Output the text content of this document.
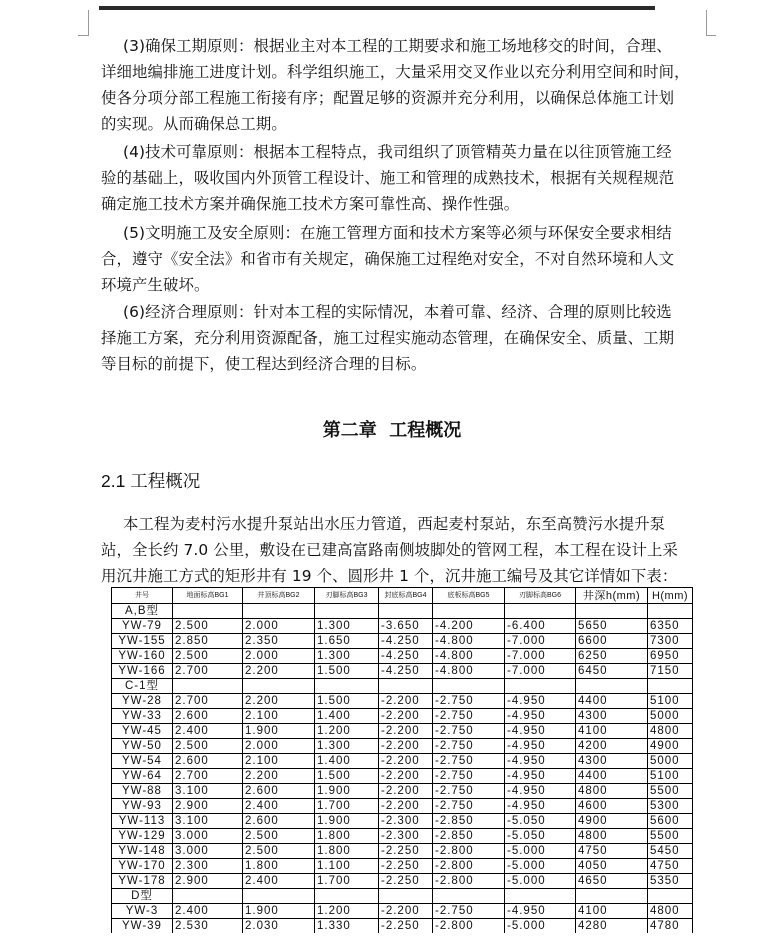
(3)确保工期原则：根据业主对本工程的工期要求和施工场地移交的时间，合理、
详细地编排施工进度计划。科学组织施工，大量采用交叉作业以充分利用空间和时间，
使各分项分部工程施工衔接有序；配置足够的资源并充分利用，以确保总体施工计划
的实现。从而确保总工期。
(4)技术可靠原则：根据本工程特点，我司组织了顶管精英力量在以往顶管施工经
验的基础上，吸收国内外顶管工程设计、施工和管理的成熟技术，根据有关规程规范
确定施工技术方案并确保施工技术方案可靠性高、操作性强。
(5)文明施工及安全原则：在施工管理方面和技术方案等必须与环保安全要求相结
合，遵守《安全法》和省市有关规定，确保施工过程绝对安全，不对自然环境和人文
环境产生破坏。
(6)经济合理原则：针对本工程的实际情况，本着可靠、经济、合理的原则比较选
择施工方案，充分利用资源配备，施工过程实施动态管理，在确保安全、质量、工期
等目标的前提下，使工程达到经济合理的目标。
第二章  工程概况
2.1 工程概况
本工程为麦村污水提升泵站出水压力管道，西起麦村泵站，东至高赞污水提升泵
站，全长约 7.0 公里，敷设在已建高富路南侧坡脚处的管网工程，本工程在设计上采
用沉井施工方式的矩形井有 19 个、圆形井 1 个，沉井施工编号及其它详情如下表：
井号	地面标高BG1	井顶标高BG2	刃脚标高BG3	封底标高BG4	底板标高BG5	刃脚标高BG6	井深h(mm)	H(mm)
A,B型								
YW-79	2.500	2.000	1.300	-3.650	-4.200	-6.400	5650	6350
YW-155	2.850	2.350	1.650	-4.250	-4.800	-7.000	6600	7300
YW-160	2.500	2.000	1.300	-4.250	-4.800	-7.000	6250	6950
YW-166	2.700	2.200	1.500	-4.250	-4.800	-7.000	6450	7150
C-1型								
YW-28	2.700	2.200	1.500	-2.200	-2.750	-4.950	4400	5100
YW-33	2.600	2.100	1.400	-2.200	-2.750	-4.950	4300	5000
YW-45	2.400	1.900	1.200	-2.200	-2.750	-4.950	4100	4800
YW-50	2.500	2.000	1.300	-2.200	-2.750	-4.950	4200	4900
YW-54	2.600	2.100	1.400	-2.200	-2.750	-4.950	4300	5000
YW-64	2.700	2.200	1.500	-2.200	-2.750	-4.950	4400	5100
YW-88	3.100	2.600	1.900	-2.200	-2.750	-4.950	4800	5500
YW-93	2.900	2.400	1.700	-2.200	-2.750	-4.950	4600	5300
YW-113	3.100	2.600	1.900	-2.300	-2.850	-5.050	4900	5600
YW-129	3.000	2.500	1.800	-2.300	-2.850	-5.050	4800	5500
YW-148	3.000	2.500	1.800	-2.250	-2.800	-5.000	4750	5450
YW-170	2.300	1.800	1.100	-2.250	-2.800	-5.000	4050	4750
YW-178	2.900	2.400	1.700	-2.250	-2.800	-5.000	4650	5350
D型								
YW-3	2.400	1.900	1.200	-2.200	-2.750	-4.950	4100	4800
YW-39	2.530	2.030	1.330	-2.250	-2.800	-5.000	4280	4780
